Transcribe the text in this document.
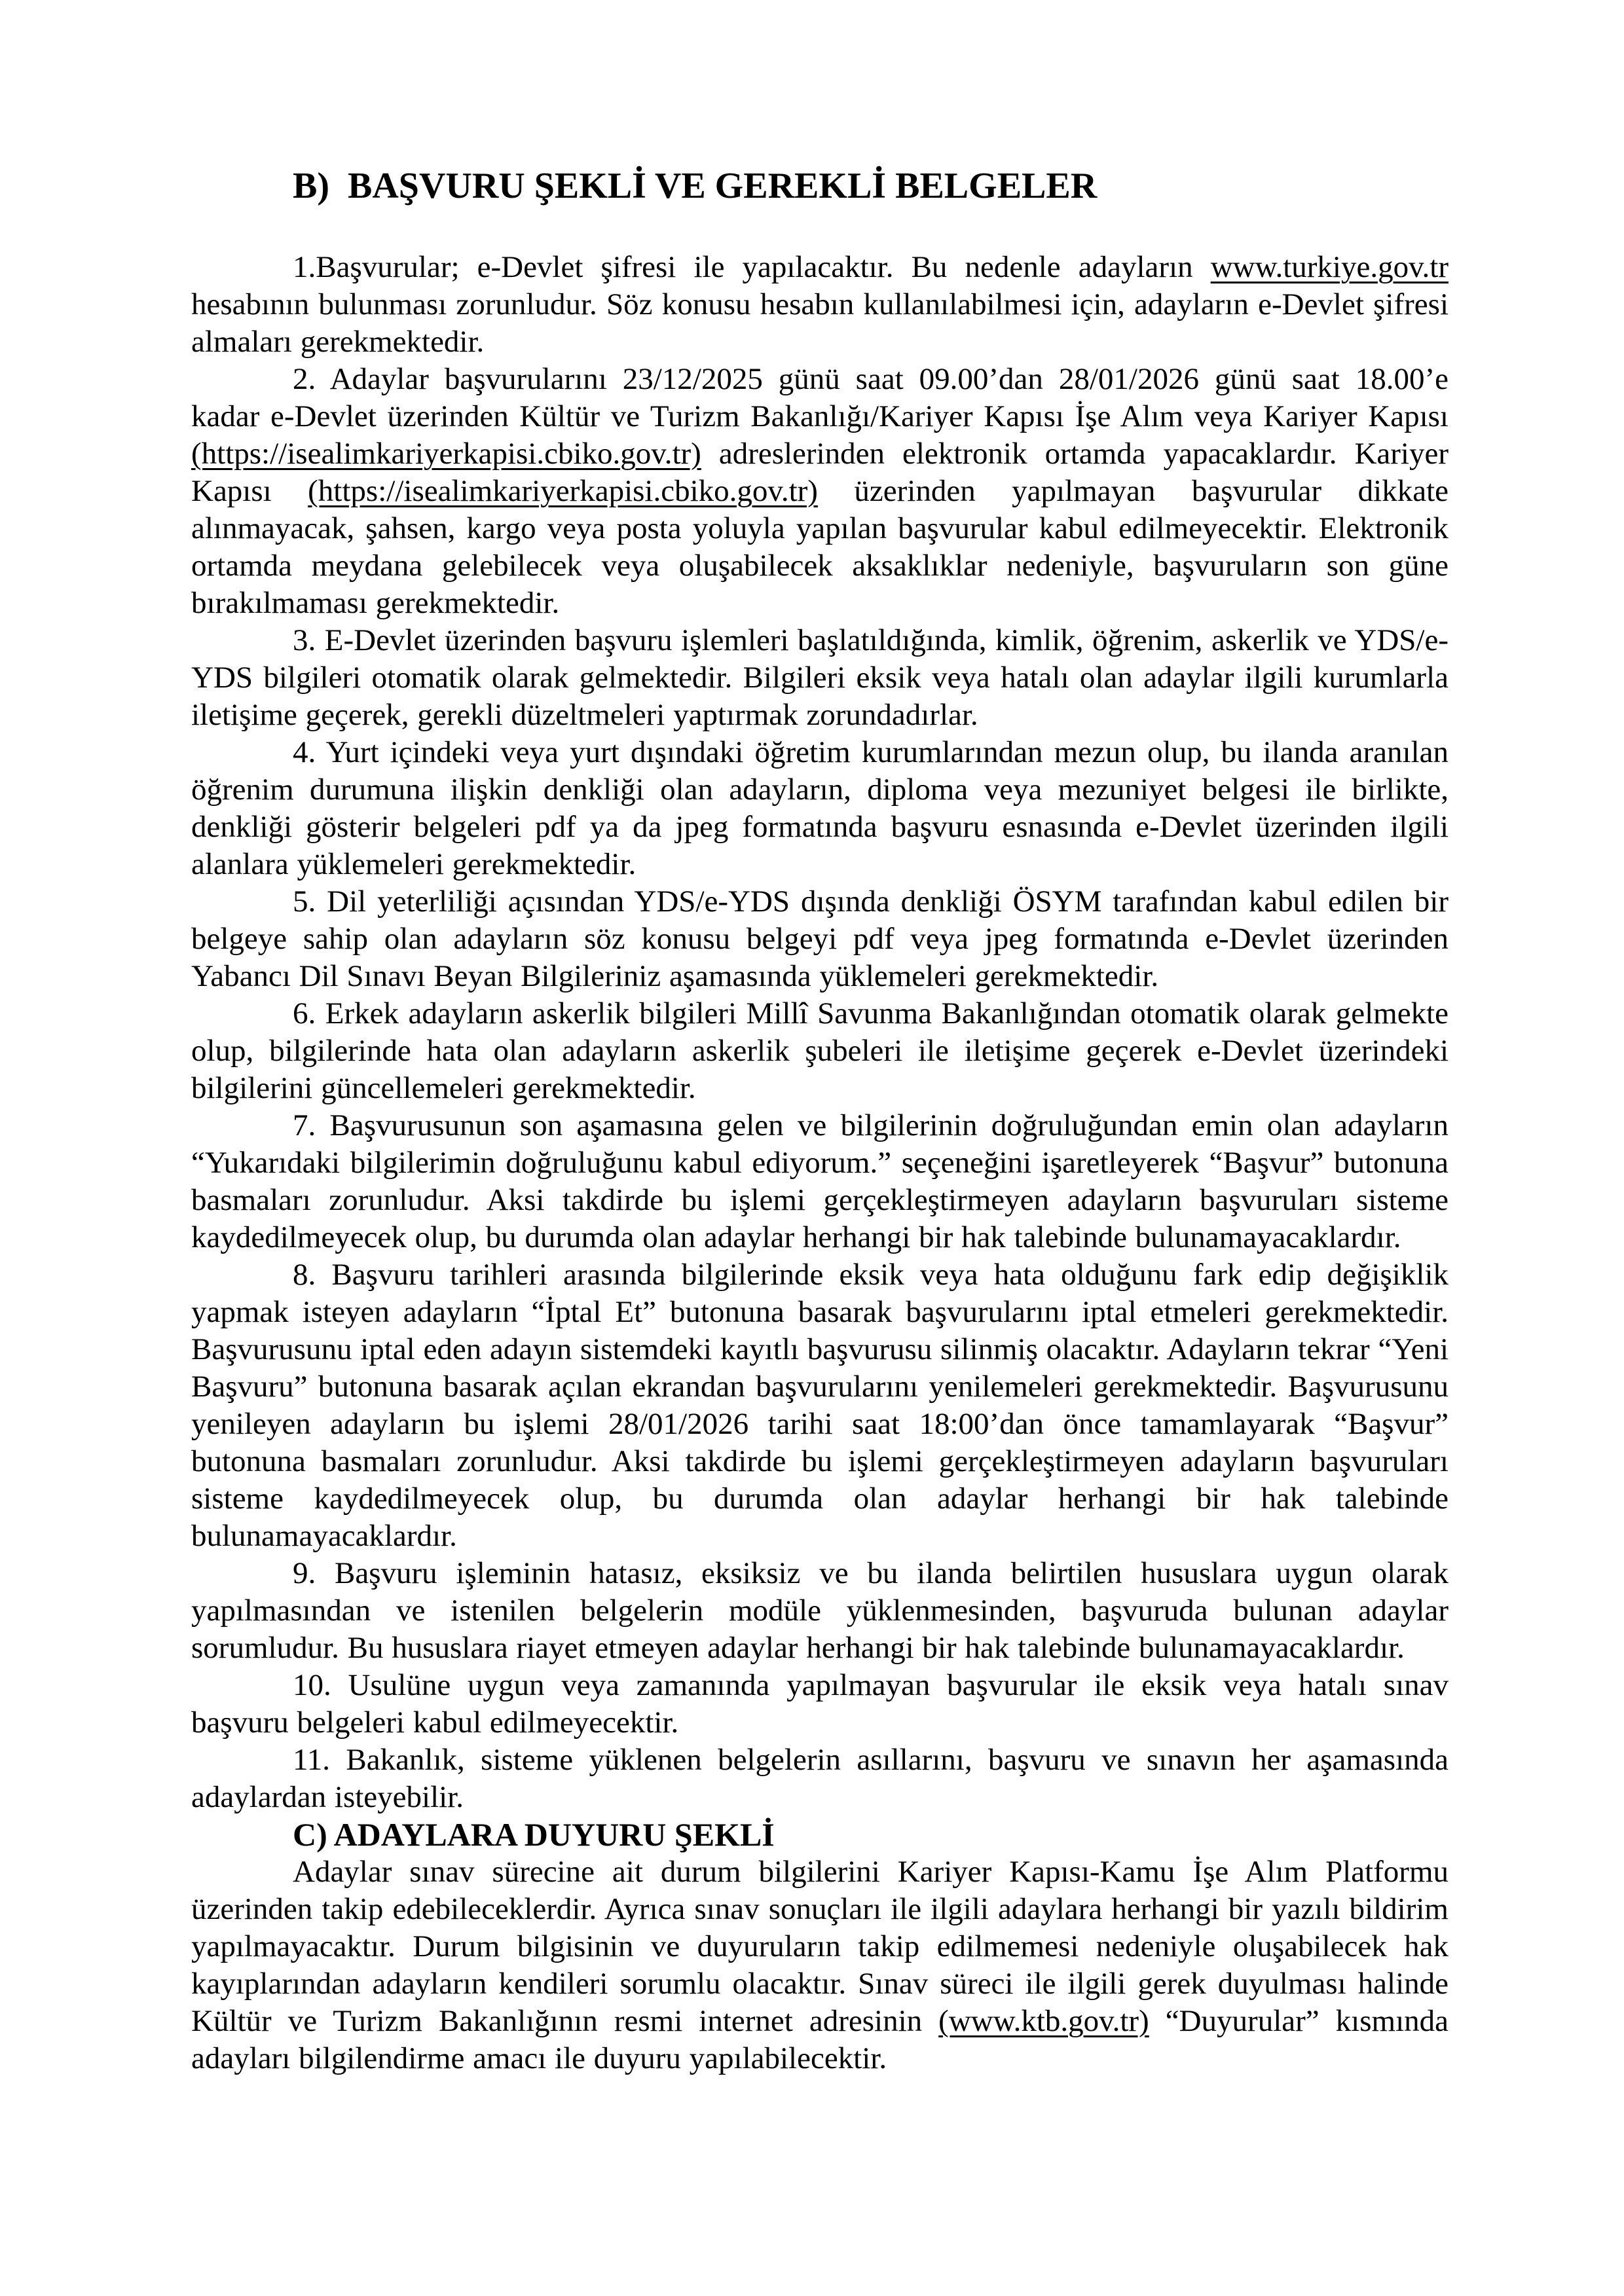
B)  BAŞVURU ŞEKLİ VE GEREKLİ BELGELER

1.Başvurular; e-Devlet şifresi ile yapılacaktır. Bu nedenle adayların www.turkiye.gov.tr hesabının bulunması zorunludur. Söz konusu hesabın kullanılabilmesi için, adayların e-Devlet şifresi almaları gerekmektedir.

2. Adaylar başvurularını 23/12/2025 günü saat 09.00’dan 28/01/2026 günü saat 18.00’e kadar e-Devlet üzerinden Kültür ve Turizm Bakanlığı/Kariyer Kapısı İşe Alım veya Kariyer Kapısı (https://isealimkariyerkapisi.cbiko.gov.tr) adreslerinden elektronik ortamda yapacaklardır. Kariyer Kapısı (https://isealimkariyerkapisi.cbiko.gov.tr) üzerinden yapılmayan başvurular dikkate alınmayacak, şahsen, kargo veya posta yoluyla yapılan başvurular kabul edilmeyecektir. Elektronik ortamda meydana gelebilecek veya oluşabilecek aksaklıklar nedeniyle, başvuruların son güne bırakılmaması gerekmektedir.

3. E-Devlet üzerinden başvuru işlemleri başlatıldığında, kimlik, öğrenim, askerlik ve YDS/e-YDS bilgileri otomatik olarak gelmektedir. Bilgileri eksik veya hatalı olan adaylar ilgili kurumlarla iletişime geçerek, gerekli düzeltmeleri yaptırmak zorundadırlar.

4. Yurt içindeki veya yurt dışındaki öğretim kurumlarından mezun olup, bu ilanda aranılan öğrenim durumuna ilişkin denkliği olan adayların, diploma veya mezuniyet belgesi ile birlikte, denkliği gösterir belgeleri pdf ya da jpeg formatında başvuru esnasında e-Devlet üzerinden ilgili alanlara yüklemeleri gerekmektedir.

5. Dil yeterliliği açısından YDS/e-YDS dışında denkliği ÖSYM tarafından kabul edilen bir belgeye sahip olan adayların söz konusu belgeyi pdf veya jpeg formatında e-Devlet üzerinden Yabancı Dil Sınavı Beyan Bilgileriniz aşamasında yüklemeleri gerekmektedir.

6. Erkek adayların askerlik bilgileri Millî Savunma Bakanlığından otomatik olarak gelmekte olup, bilgilerinde hata olan adayların askerlik şubeleri ile iletişime geçerek e-Devlet üzerindeki bilgilerini güncellemeleri gerekmektedir.

7. Başvurusunun son aşamasına gelen ve bilgilerinin doğruluğundan emin olan adayların “Yukarıdaki bilgilerimin doğruluğunu kabul ediyorum.” seçeneğini işaretleyerek “Başvur” butonuna basmaları zorunludur. Aksi takdirde bu işlemi gerçekleştirmeyen adayların başvuruları sisteme kaydedilmeyecek olup, bu durumda olan adaylar herhangi bir hak talebinde bulunamayacaklardır.

8. Başvuru tarihleri arasında bilgilerinde eksik veya hata olduğunu fark edip değişiklik yapmak isteyen adayların “İptal Et” butonuna basarak başvurularını iptal etmeleri gerekmektedir. Başvurusunu iptal eden adayın sistemdeki kayıtlı başvurusu silinmiş olacaktır. Adayların tekrar “Yeni Başvuru” butonuna basarak açılan ekrandan başvurularını yenilemeleri gerekmektedir. Başvurusunu yenileyen adayların bu işlemi 28/01/2026 tarihi saat 18:00’dan önce tamamlayarak “Başvur” butonuna basmaları zorunludur. Aksi takdirde bu işlemi gerçekleştirmeyen adayların başvuruları sisteme kaydedilmeyecek olup, bu durumda olan adaylar herhangi bir hak talebinde bulunamayacaklardır.

9. Başvuru işleminin hatasız, eksiksiz ve bu ilanda belirtilen hususlara uygun olarak yapılmasından ve istenilen belgelerin modüle yüklenmesinden, başvuruda bulunan adaylar sorumludur. Bu hususlara riayet etmeyen adaylar herhangi bir hak talebinde bulunamayacaklardır.

10. Usulüne uygun veya zamanında yapılmayan başvurular ile eksik veya hatalı sınav başvuru belgeleri kabul edilmeyecektir.

11. Bakanlık, sisteme yüklenen belgelerin asıllarını, başvuru ve sınavın her aşamasında adaylardan isteyebilir.

C) ADAYLARA DUYURU ŞEKLİ

Adaylar sınav sürecine ait durum bilgilerini Kariyer Kapısı-Kamu İşe Alım Platformu üzerinden takip edebileceklerdir. Ayrıca sınav sonuçları ile ilgili adaylara herhangi bir yazılı bildirim yapılmayacaktır. Durum bilgisinin ve duyuruların takip edilmemesi nedeniyle oluşabilecek hak kayıplarından adayların kendileri sorumlu olacaktır. Sınav süreci ile ilgili gerek duyulması halinde Kültür ve Turizm Bakanlığının resmi internet adresinin (www.ktb.gov.tr) “Duyurular” kısmında adayları bilgilendirme amacı ile duyuru yapılabilecektir.
